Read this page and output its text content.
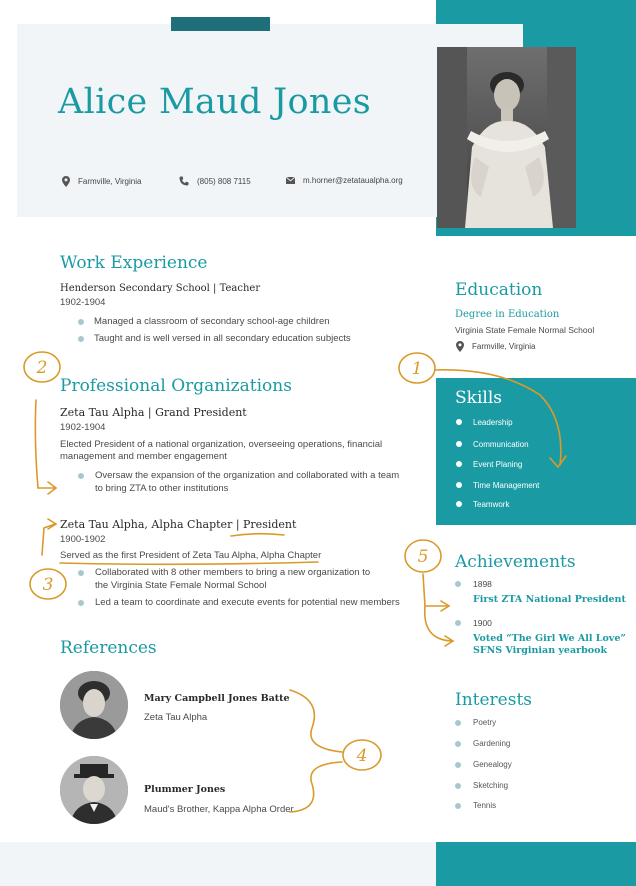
Alice Maud Jones
Farmville, Virginia	(805) 808 7115	m.horner@zetataualpha.org
Work Experience
Henderson Secondary School | Teacher
1902-1904
Managed a classroom of secondary school-age children
Taught and is well versed in all secondary education subjects
Professional Organizations
Zeta Tau Alpha | Grand President
1902-1904
Elected President of a national organization, overseeing operations, financial
management and member engagement
Oversaw the expansion of the organization and collaborated with a team
to bring ZTA to other institutions
Zeta Tau Alpha, Alpha Chapter | President
1900-1902
Served as the first President of Zeta Tau Alpha, Alpha Chapter
Collaborated with 8 other members to bring a new organization to
the Virginia State Female Normal School
Led a team to coordinate and execute events for potential new members
References
Mary Campbell Jones Batte
Zeta Tau Alpha
Plummer Jones
Maud's Brother, Kappa Alpha Order
Education
Degree in Education
Virginia State Female Normal School
Farmville, Virginia
Skills
Leadership
Communication
Event Planing
Time Management
Teamwork
Achievements
1898
First ZTA National President
1900
Voted “The Girl We All Love”
SFNS Virginian yearbook
Interests
Poetry
Gardening
Genealogy
Sketching
Tennis
1
2
3
4
5
